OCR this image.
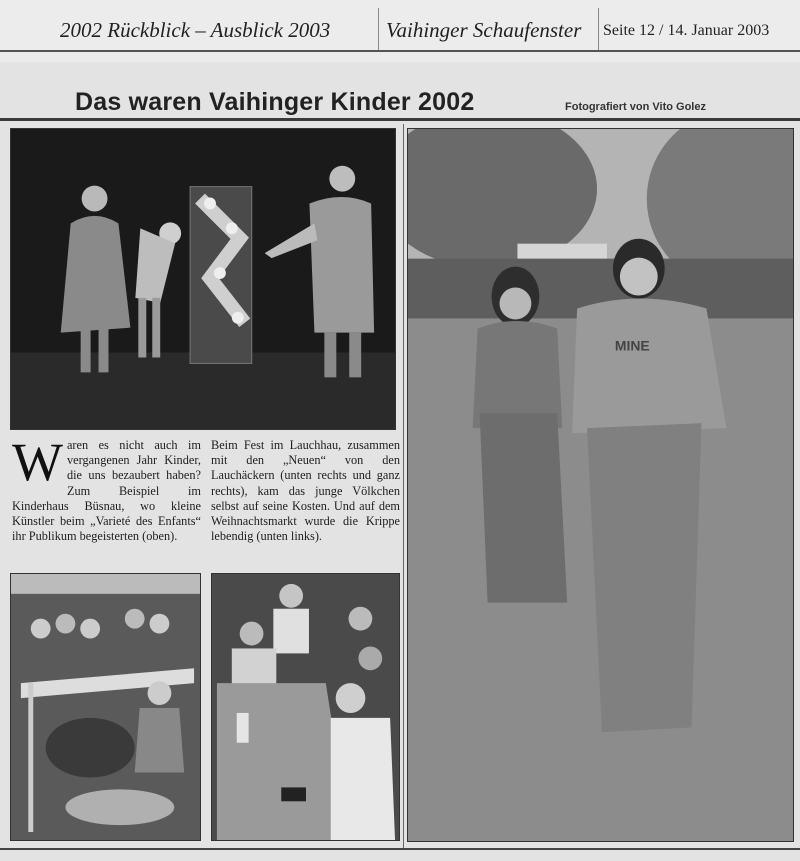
2002 Rückblick – Ausblick 2003	Vaihinger Schaufenster Seite 12 / 14. Januar 2003
Das waren Vaihinger Kinder 2002	Fotografiert von Vito Golez
MINE
W aren es nicht auch im vergangenen Jahr Kinder, die uns bezaubert haben? Zum Beispiel im Kinderhaus Büsnau, wo kleine Künstler beim „Varieté des Enfants“ ihr Publikum begeisterten (oben).
Beim Fest im Lauchhau, zusammen mit den „Neuen“ von den Lauchäckern (unten rechts und ganz rechts), kam das junge Völkchen selbst auf seine Kosten. Und auf dem Weihnachtsmarkt wurde die Krippe lebendig (unten links).
